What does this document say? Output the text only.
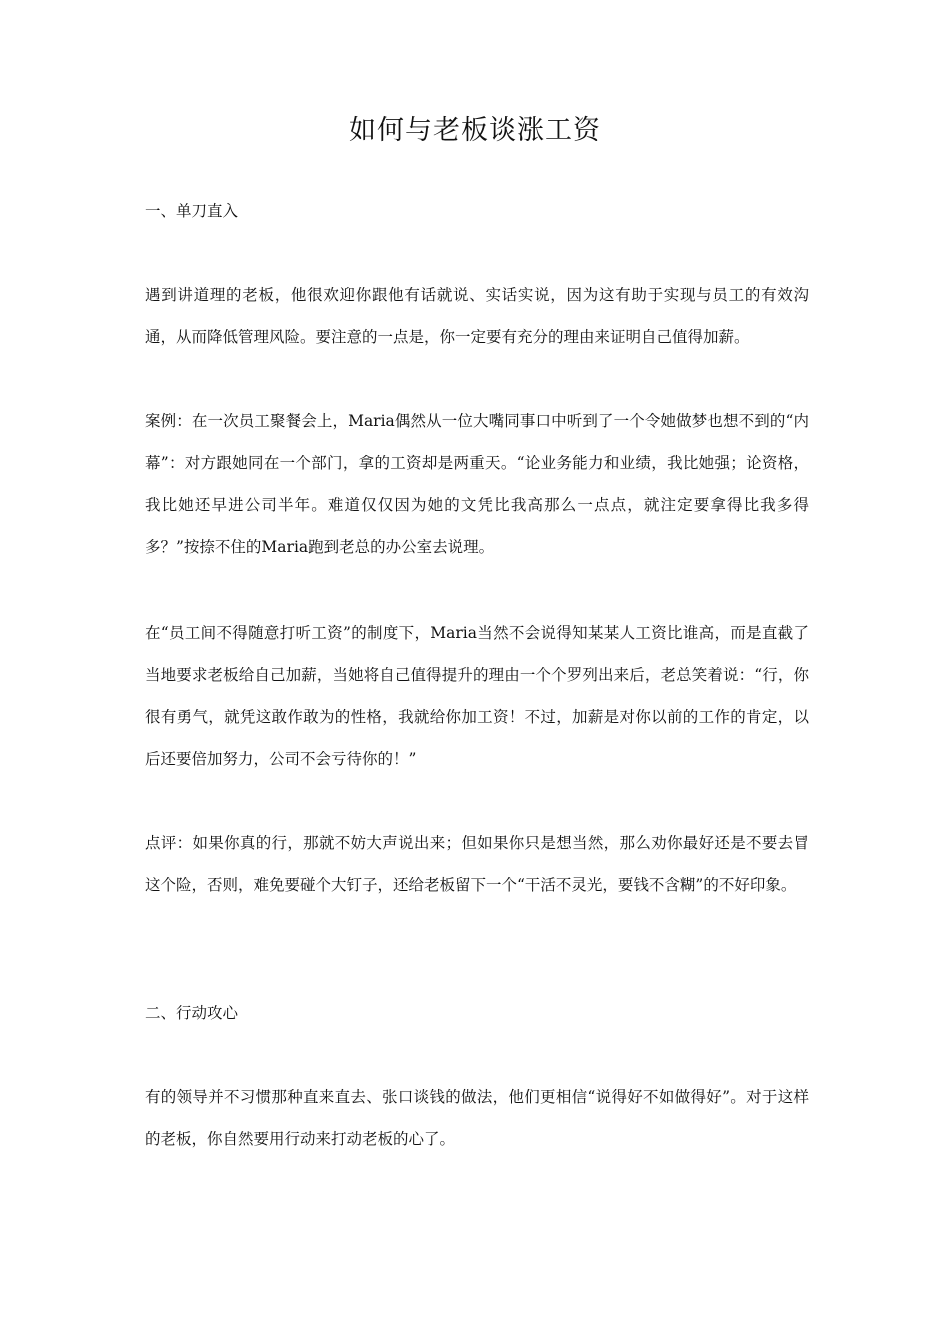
如何与老板谈涨工资

一、单刀直入

遇到讲道理的老板，他很欢迎你跟他有话就说、实话实说，因为这有助于实现与员工的有效沟通，从而降低管理风险。要注意的一点是，你一定要有充分的理由来证明自己值得加薪。

案例：在一次员工聚餐会上，Maria偶然从一位大嘴同事口中听到了一个令她做梦也想不到的“内幕”：对方跟她同在一个部门，拿的工资却是两重天。“论业务能力和业绩，我比她强；论资格，我比她还早进公司半年。难道仅仅因为她的文凭比我高那么一点点，就注定要拿得比我多得多？”按捺不住的Maria跑到老总的办公室去说理。

在“员工间不得随意打听工资”的制度下，Maria当然不会说得知某某人工资比谁高，而是直截了当地要求老板给自己加薪，当她将自己值得提升的理由一个个罗列出来后，老总笑着说：“行，你很有勇气，就凭这敢作敢为的性格，我就给你加工资！不过，加薪是对你以前的工作的肯定，以后还要倍加努力，公司不会亏待你的！”

点评：如果你真的行，那就不妨大声说出来；但如果你只是想当然，那么劝你最好还是不要去冒这个险，否则，难免要碰个大钉子，还给老板留下一个“干活不灵光，要钱不含糊”的不好印象。

二、行动攻心

有的领导并不习惯那种直来直去、张口谈钱的做法，他们更相信“说得好不如做得好”。对于这样的老板，你自然要用行动来打动老板的心了。
